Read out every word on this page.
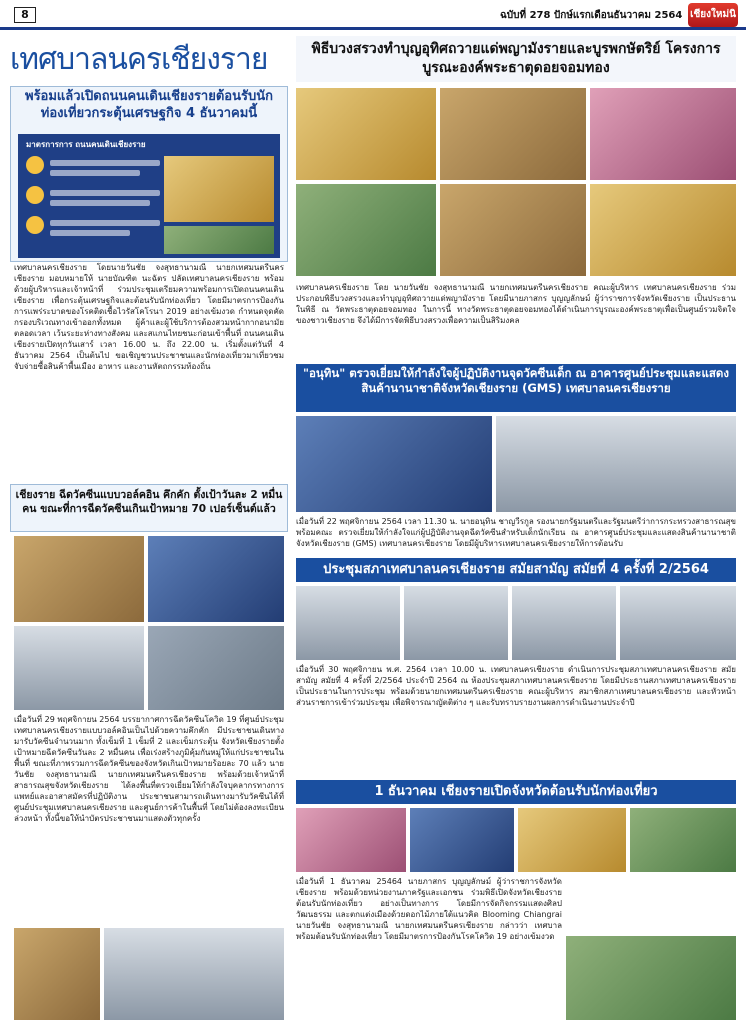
8	ฉบับที่ 278 ปักษ์แรกเดือนธันวาคม 2564 เชียงใหม่นิ
เทศบาลนครเชียงราย
พร้อมแล้วเปิดถนนคนเดินเชียงรายต้อนรับนักท่องเที่ยวกระตุ้นเศรษฐกิจ 4 ธันวาคมนี้
มาตรการการ ถนนคนเดินเชียงราย
เทศบาลนครเชียงราย โดยนายวันชัย จงสุทธานามณี นายกเทศมนตรีนครเชียงราย มอบหมายให้ นายบัณฑิต นะฉัตร ปลัดเทศบาลนครเชียงราย พร้อมด้วยผู้บริหารและเจ้าหน้าที่ ร่วมประชุมเตรียมความพร้อมการเปิดถนนคนเดินเชียงราย เพื่อกระตุ้นเศรษฐกิจและต้อนรับนักท่องเที่ยว โดยมีมาตรการป้องกันการแพร่ระบาดของโรคติดเชื้อไวรัสโคโรนา 2019 อย่างเข้มงวด กำหนดจุดคัดกรองบริเวณทางเข้าออกทั้งหมด ผู้ค้าและผู้ใช้บริการต้องสวมหน้ากากอนามัยตลอดเวลา เว้นระยะห่างทางสังคม และสแกนไทยชนะก่อนเข้าพื้นที่ ถนนคนเดินเชียงรายเปิดทุกวันเสาร์ เวลา 16.00 น. ถึง 22.00 น. เริ่มตั้งแต่วันที่ 4 ธันวาคม 2564 เป็นต้นไป ขอเชิญชวนประชาชนและนักท่องเที่ยวมาเที่ยวชม จับจ่ายซื้อสินค้าพื้นเมือง อาหาร และงานหัตถกรรมท้องถิ่น
เชียงราย ฉีดวัคซีนแบบวอล์คอิน คึกคัก ตั้งเป้าวันละ 2 หมื่นคน ขณะที่การฉีดวัคซีนเกินเป้าหมาย 70 เปอร์เซ็นต์แล้ว
เมื่อวันที่ 29 พฤศจิกายน 2564 บรรยากาศการฉีดวัคซีนโควิด 19 ที่ศูนย์ประชุมเทศบาลนครเชียงรายแบบวอล์คอินเป็นไปด้วยความคึกคัก มีประชาชนเดินทางมารับวัคซีนจำนวนมาก ทั้งเข็มที่ 1 เข็มที่ 2 และเข็มกระตุ้น จังหวัดเชียงรายตั้งเป้าหมายฉีดวัคซีนวันละ 2 หมื่นคน เพื่อเร่งสร้างภูมิคุ้มกันหมู่ให้แก่ประชาชนในพื้นที่ ขณะที่ภาพรวมการฉีดวัคซีนของจังหวัดเกินเป้าหมายร้อยละ 70 แล้ว นายวันชัย จงสุทธานามณี นายกเทศมนตรีนครเชียงราย พร้อมด้วยเจ้าหน้าที่สาธารณสุขจังหวัดเชียงราย ได้ลงพื้นที่ตรวจเยี่ยมให้กำลังใจบุคลากรทางการแพทย์และอาสาสมัครที่ปฏิบัติงาน ประชาชนสามารถเดินทางมารับวัคซีนได้ที่ศูนย์ประชุมเทศบาลนครเชียงราย และศูนย์การค้าในพื้นที่ โดยไม่ต้องลงทะเบียนล่วงหน้า ทั้งนี้ขอให้นำบัตรประชาชนมาแสดงตัวทุกครั้ง
พิธีบวงสรวงทำบุญอุทิศถวายแด่พญามังรายและบูรพกษัตริย์ โครงการบูรณะองค์พระธาตุดอยจอมทอง
เทศบาลนครเชียงราย โดย นายวันชัย จงสุทธานามณี นายกเทศมนตรีนครเชียงราย คณะผู้บริหาร เทศบาลนครเชียงราย ร่วมประกอบพิธีบวงสรวงและทำบุญอุทิศถวายแด่พญามังราย โดยมีนายภาสกร บุญญลักษม์ ผู้ว่าราชการจังหวัดเชียงราย เป็นประธานในพิธี ณ วัดพระธาตุดอยจอมทอง ในการนี้ ทางวัดพระธาตุดอยจอมทองได้ดำเนินการบูรณะองค์พระธาตุเพื่อเป็นศูนย์รวมจิตใจของชาวเชียงราย จึงได้มีการจัดพิธีบวงสรวงเพื่อความเป็นสิริมงคล
"อนุทิน" ตรวจเยี่ยมให้กำลังใจผู้ปฏิบัติงานจุดวัคซีนเด็ก ณ อาคารศูนย์ประชุมและแสดงสินค้านานาชาติจังหวัดเชียงราย (GMS) เทศบาลนครเชียงราย
เมื่อวันที่ 22 พฤศจิกายน 2564 เวลา 11.30 น. นายอนุทิน ชาญวีรกูล รองนายกรัฐมนตรีและรัฐมนตรีว่าการกระทรวงสาธารณสุข พร้อมคณะ ตรวจเยี่ยมให้กำลังใจแก่ผู้ปฏิบัติงานจุดฉีดวัคซีนสำหรับเด็กนักเรียน ณ อาคารศูนย์ประชุมและแสดงสินค้านานาชาติจังหวัดเชียงราย (GMS) เทศบาลนครเชียงราย โดยมีผู้บริหารเทศบาลนครเชียงรายให้การต้อนรับ
ประชุมสภาเทศบาลนครเชียงราย สมัยสามัญ สมัยที่ 4 ครั้งที่ 2/2564
เมื่อวันที่ 30 พฤศจิกายน พ.ศ. 2564 เวลา 10.00 น. เทศบาลนครเชียงราย ดำเนินการประชุมสภาเทศบาลนครเชียงราย สมัยสามัญ สมัยที่ 4 ครั้งที่ 2/2564 ประจำปี 2564 ณ ห้องประชุมสภาเทศบาลนครเชียงราย โดยมีประธานสภาเทศบาลนครเชียงรายเป็นประธานในการประชุม พร้อมด้วยนายกเทศมนตรีนครเชียงราย คณะผู้บริหาร สมาชิกสภาเทศบาลนครเชียงราย และหัวหน้าส่วนราชการเข้าร่วมประชุม เพื่อพิจารณาญัตติต่าง ๆ และรับทราบรายงานผลการดำเนินงานประจำปี
1 ธันวาคม เชียงรายเปิดจังหวัดต้อนรับนักท่องเที่ยว
เมื่อวันที่ 1 ธันวาคม 25464 นายภาสกร บุญญลักษม์ ผู้ว่าราชการจังหวัดเชียงราย พร้อมด้วยหน่วยงานภาครัฐและเอกชน ร่วมพิธีเปิดจังหวัดเชียงรายต้อนรับนักท่องเที่ยว อย่างเป็นทางการ โดยมีการจัดกิจกรรมแสดงศิลปวัฒนธรรม และตกแต่งเมืองด้วยดอกไม้ภายใต้แนวคิด Blooming Chiangrai นายวันชัย จงสุทธานามณี นายกเทศมนตรีนครเชียงราย กล่าวว่า เทศบาลพร้อมต้อนรับนักท่องเที่ยว โดยมีมาตรการป้องกันโรคโควิด 19 อย่างเข้มงวด
